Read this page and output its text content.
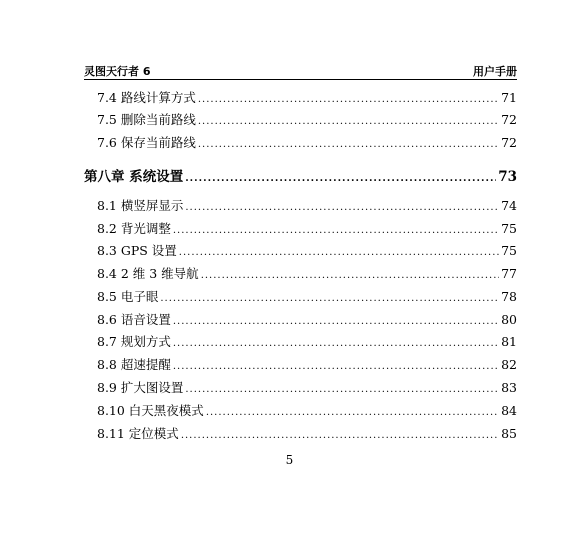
灵图天行者 6	用户手册
7.4 路线计算方式 .....	71
7.5 删除当前路线 .....	72
7.6 保存当前路线 .....	72
第八章 系统设置 .....	73
8.1 横竖屏显示 .....	74
8.2 背光调整 .....	75
8.3 GPS 设置 .....	75
8.4 2 维 3 维导航 .....	77
8.5 电子眼 .....	78
8.6 语音设置 .....	80
8.7 规划方式 .....	81
8.8 超速提醒 .....	82
8.9 扩大图设置 .....	83
8.10 白天黑夜模式 .....	84
8.11 定位模式 .....	85
5
